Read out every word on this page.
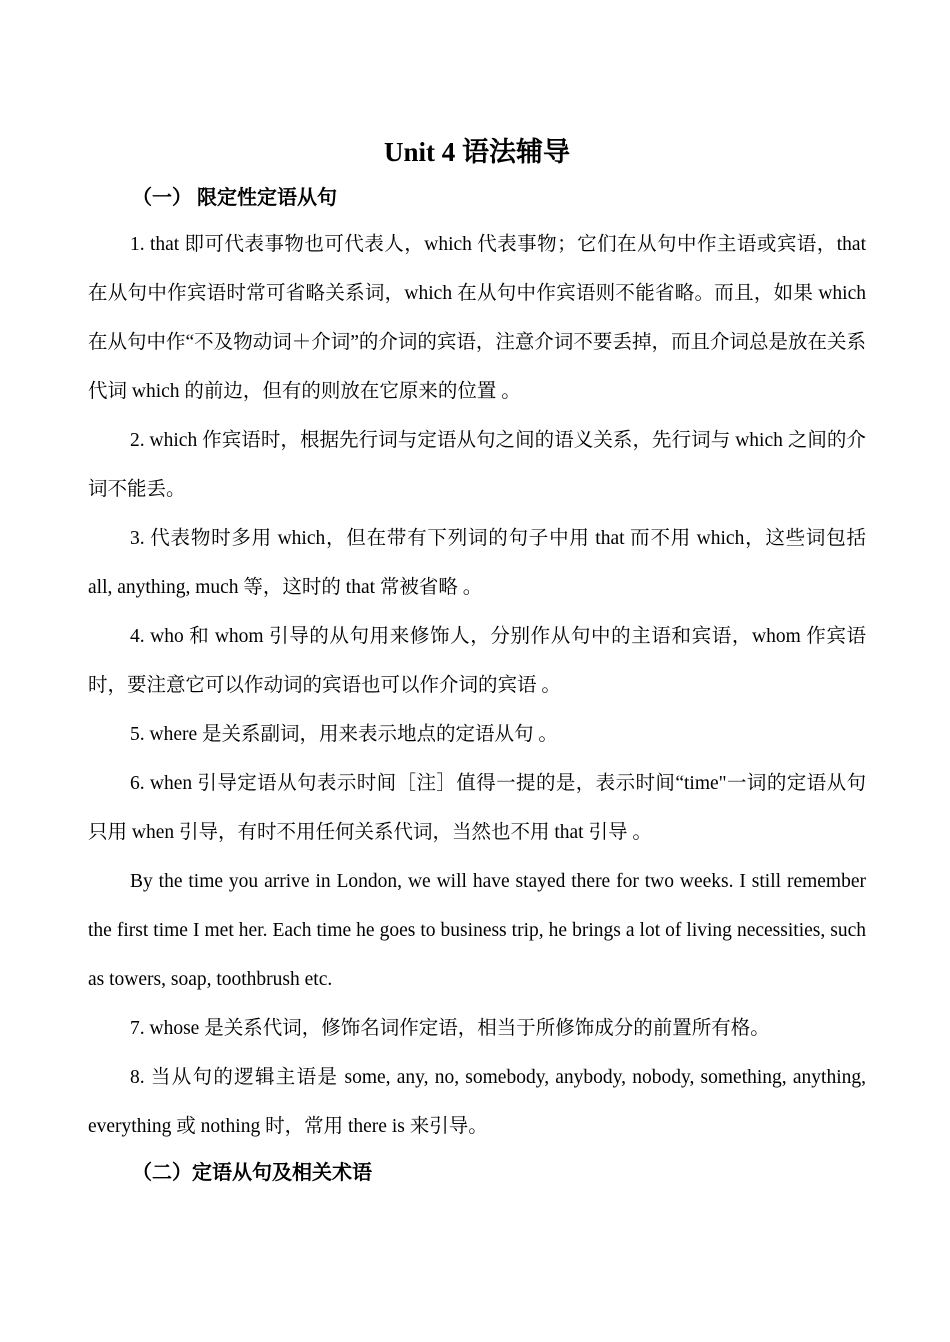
Unit 4 语法辅导
（一） 限定性定语从句

1. that 即可代表事物也可代表人，which 代表事物；它们在从句中作主语或宾语，that 在从句中作宾语时常可省略关系词，which 在从句中作宾语则不能省略。而且，如果 which 在从句中作“不及物动词＋介词”的介词的宾语，注意介词不要丢掉，而且介词总是放在关系代词 which 的前边，但有的则放在它原来的位置 。

2. which 作宾语时，根据先行词与定语从句之间的语义关系，先行词与 which 之间的介词不能丢。

3. 代表物时多用 which，但在带有下列词的句子中用 that 而不用 which，这些词包括 all, anything, much 等，这时的 that 常被省略 。

4. who 和 whom 引导的从句用来修饰人，分别作从句中的主语和宾语，whom 作宾语时，要注意它可以作动词的宾语也可以作介词的宾语 。

5. where 是关系副词，用来表示地点的定语从句 。

6. when 引导定语从句表示时间［注］值得一提的是，表示时间“time"一词的定语从句只用 when 引导，有时不用任何关系代词，当然也不用 that 引导 。

By the time you arrive in London, we will have stayed there for two weeks. I still remember the first time I met her. Each time he goes to business trip, he brings a lot of living necessities, such as towers, soap, toothbrush etc.

7. whose 是关系代词，修饰名词作定语，相当于所修饰成分的前置所有格。

8. 当从句的逻辑主语是 some, any, no, somebody, anybody, nobody, something, anything, everything 或 nothing 时，常用 there is 来引导。

（二）定语从句及相关术语
